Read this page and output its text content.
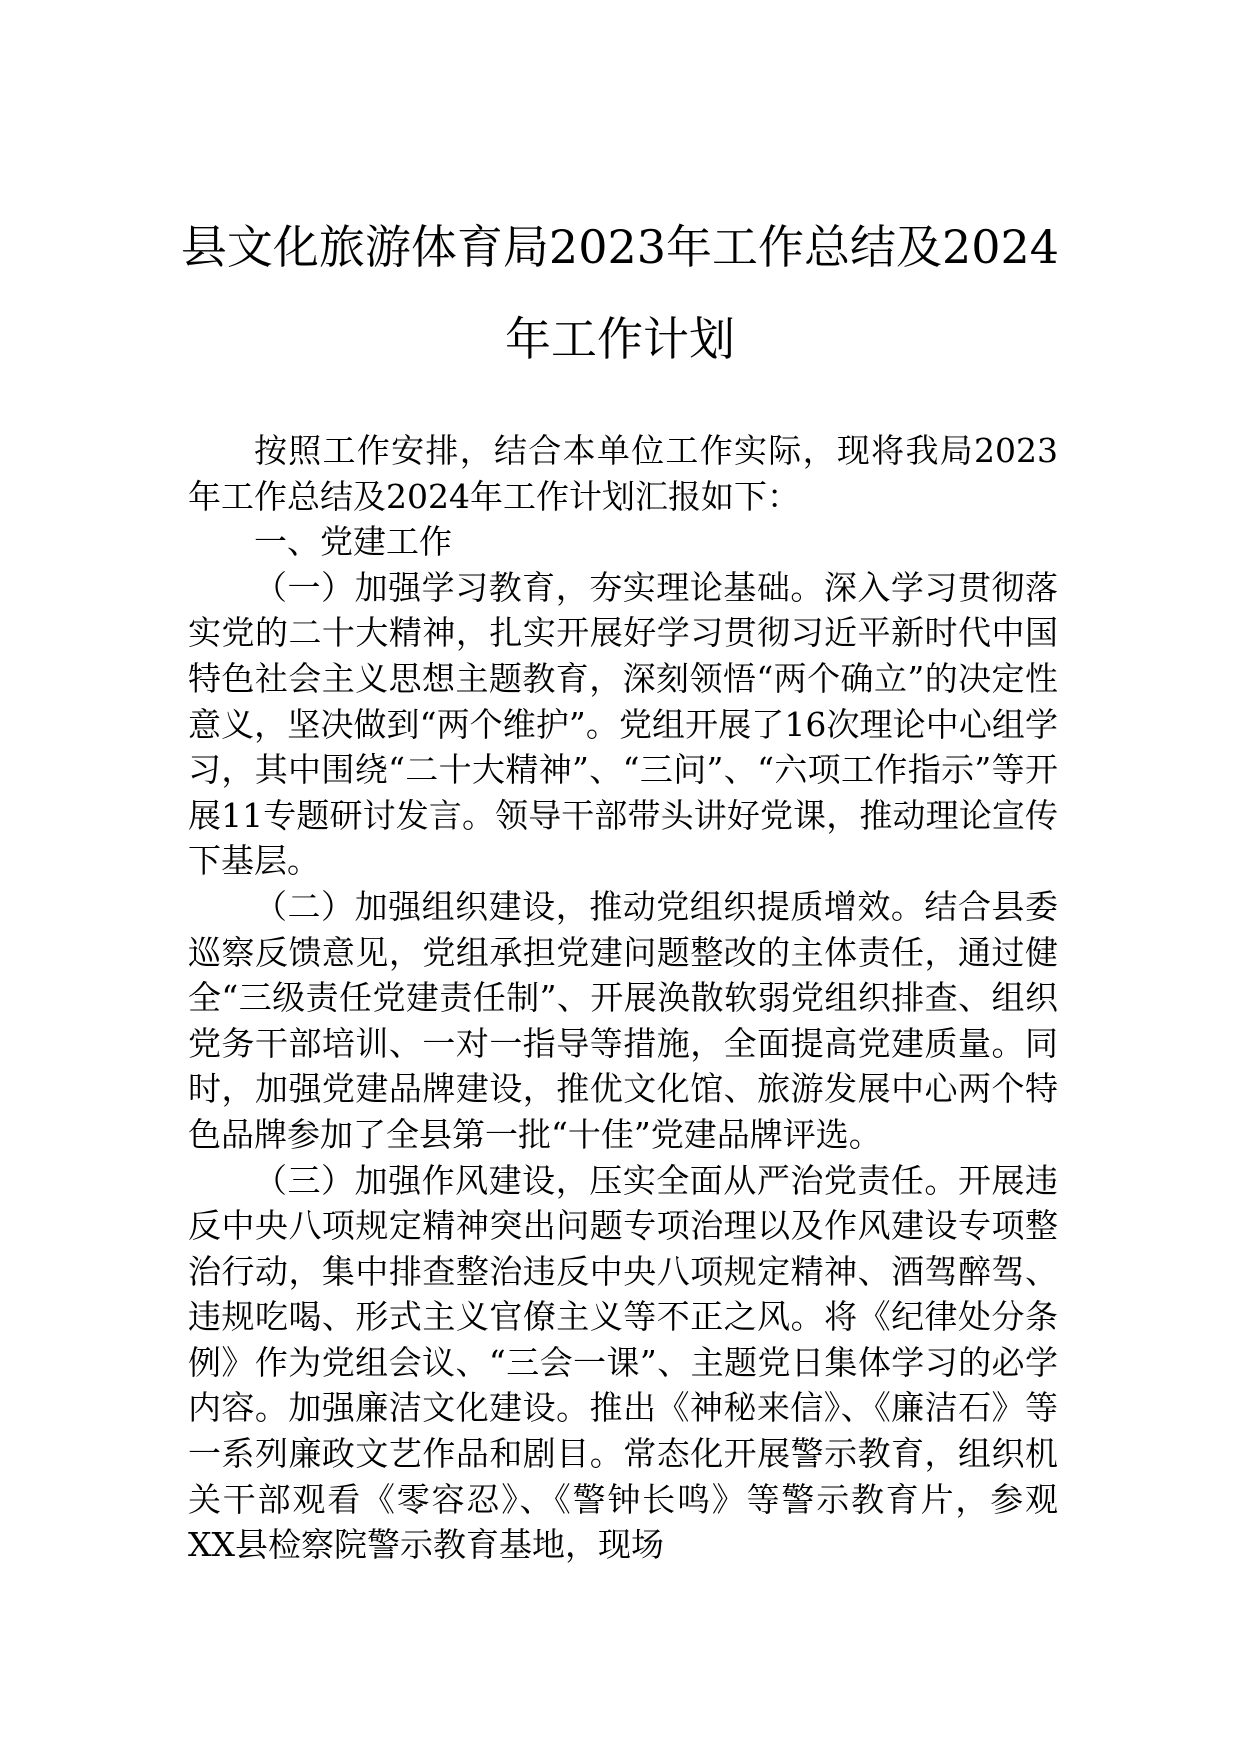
县文化旅游体育局2023年工作总结及2024
年工作计划

按照工作安排，结合本单位工作实际，现将我局2023年工作总结及2024年工作计划汇报如下：

一、党建工作

（一）加强学习教育，夯实理论基础。深入学习贯彻落实党的二十大精神，扎实开展好学习贯彻习近平新时代中国特色社会主义思想主题教育，深刻领悟“两个确立”的决定性意义，坚决做到“两个维护”。党组开展了16次理论中心组学习，其中围绕“二十大精神”、“三问”、“六项工作指示”等开展11专题研讨发言。领导干部带头讲好党课，推动理论宣传下基层。

（二）加强组织建设，推动党组织提质增效。结合县委巡察反馈意见，党组承担党建问题整改的主体责任，通过健全“三级责任党建责任制”、开展涣散软弱党组织排查、组织党务干部培训、一对一指导等措施，全面提高党建质量。同时，加强党建品牌建设，推优文化馆、旅游发展中心两个特色品牌参加了全县第一批“十佳”党建品牌评选。

（三）加强作风建设，压实全面从严治党责任。开展违反中央八项规定精神突出问题专项治理以及作风建设专项整治行动，集中排查整治违反中央八项规定精神、酒驾醉驾、违规吃喝、形式主义官僚主义等不正之风。将《纪律处分条例》作为党组会议、“三会一课”、主题党日集体学习的必学内容。加强廉洁文化建设。推出《神秘来信》、《廉洁石》等一系列廉政文艺作品和剧目。常态化开展警示教育，组织机关干部观看《零容忍》、《警钟长鸣》等警示教育片，参观XX县检察院警示教育基地，现场
